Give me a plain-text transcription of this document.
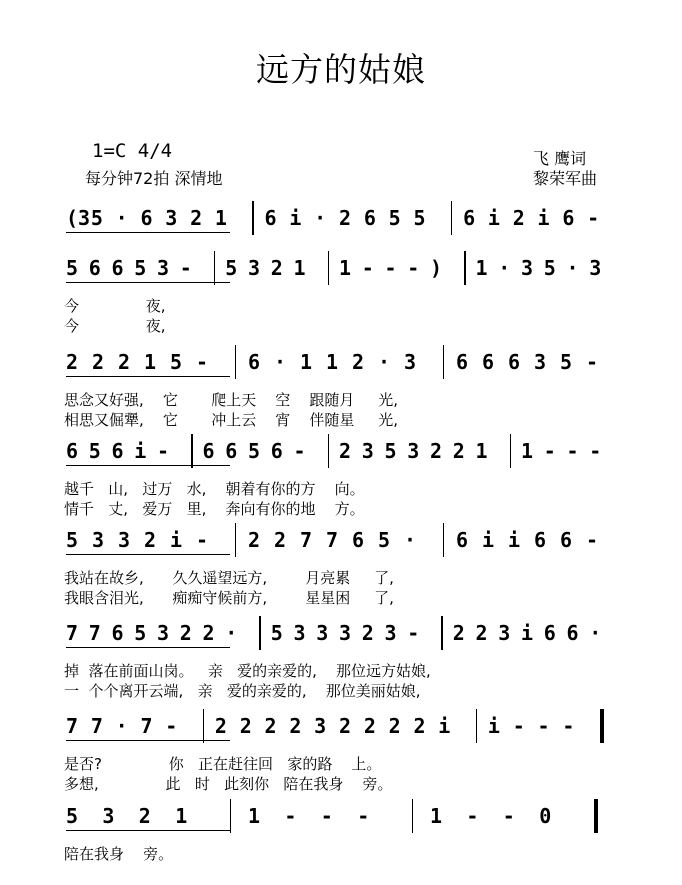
远方的姑娘
1=C 4/4
每分钟72拍 深情地
飞 鹰词
黎荣军曲
(3 5 · 6 3 2 1 6 i · 2 6 5 5 6 i 2 i 6 -
5 6 6 5 3 - 5 3 2 1 1 - - - ) 1 · 3 5 · 3
今              夜,
今              夜,
2 2 2 1 5 - 6 · 1 1 2 · 3 6 6 6 3 5 -
思念又好强,    它       爬上天    空    跟随月     光,
相思又倔犟,    它       冲上云    宵    伴随星     光,
6 5 6 i - 6 6 5 6 - 2 3 5 3 2 2 1 1 - - -
越千   山,   过万   水,    朝着有你的方    向。
情千   丈,   爱万   里,    奔向有你的地    方。
5 3 3 2 i - 2 2 7 7 6 5 · 6 i i 6 6 -
我站在故乡,      久久遥望远方,        月亮累     了,
我眼含泪光,      痴痴守候前方,        星星困     了,
7 7 6 5 3 2 2 · 5 3 3 3 2 3 - 2 2 3 i 6 6 ·
掉  落在前面山岗。   亲   爱的亲爱的,    那位远方姑娘,
一  个个离开云端,   亲   爱的亲爱的,    那位美丽姑娘,
7 7 · 7 - 2 2 2 2 3 2 2 2 2 i i - - -
是否?              你   正在赶往回   家的路    上。
多想,              此   时   此刻你   陪在我身    旁。
5 3 2 1	1 - - -	1 - - 0
陪在我身    旁。
